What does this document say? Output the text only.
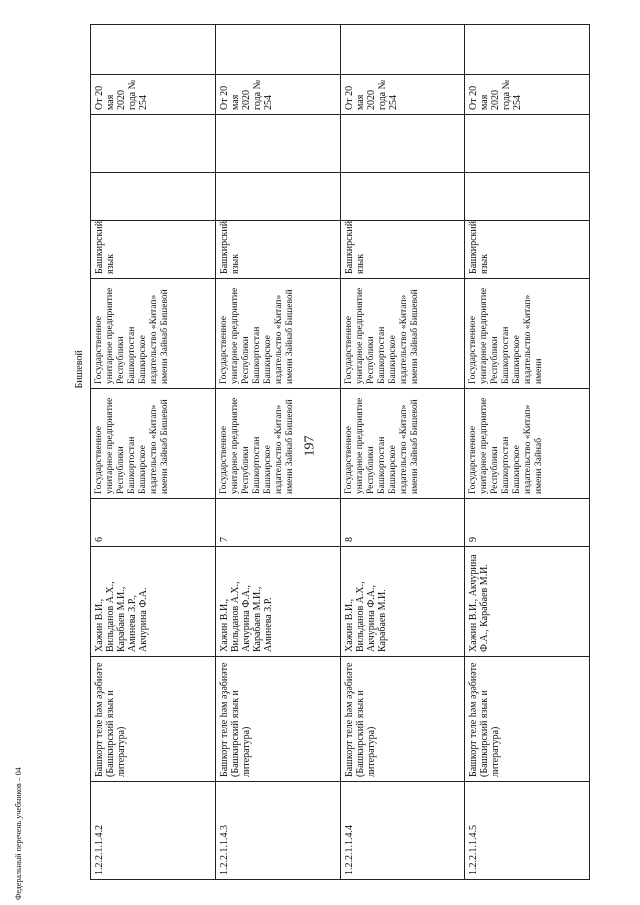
197
Федеральный перечень учебников – 04

					Бишевой					

1.2.2.1.1.4.2	Башкорт теле һәм әҙәбиәте (Башкирский язык и литература)	Хажин В.И., Вильданов А.Х., Карабаев М.И., Аминева З.Р., Акчурина Ф.А.	6	Государственное унитарное предприятие Республики Башкортостан Башкирское издательство «Китап» имени Зайнаб Бишевой	Государственное унитарное предприятие Республики Башкортостан Башкирское издательство «Китап» имени Зайнаб Бишевой	Башкирский язык			От 20 мая 2020 года № 254	
1.2.2.1.1.4.3	Башкорт теле һәм әҙәбиәте (Башкирский язык и литература)	Хажин В.И., Вильданов А.Х., Акчурина Ф.А., Карабаев М.И., Аминева З.Р.	7	Государственное унитарное предприятие Республики Башкортостан Башкирское издательство «Китап» имени Зайнаб Бишевой	Государственное унитарное предприятие Республики Башкортостан Башкирское издательство «Китап» имени Зайнаб Бишевой	Башкирский язык			От 20 мая 2020 года № 254	
1.2.2.1.1.4.4	Башкорт теле һәм әҙәбиәте (Башкирский язык и литература)	Хажин В.И., Вильданов А.Х., Акчурина Ф.А., Карабаев М.И.	8	Государственное унитарное предприятие Республики Башкортостан Башкирское издательство «Китап» имени Зайнаб Бишевой	Государственное унитарное предприятие Республики Башкортостан Башкирское издательство «Китап» имени Зайнаб Бишевой	Башкирский язык			От 20 мая 2020 года № 254	
1.2.2.1.1.4.5	Башкорт теле һәм әҙәбиәте (Башкирский язык и литература)	Хажин В.И., Акчурина Ф.А., Карабаев М.И.	9	Государственное унитарное предприятие Республики Башкортостан Башкирское издательство «Китап» имени Зайнаб	Государственное унитарное предприятие Республики Башкортостан Башкирское издательство «Китап» имени	Башкирский язык			От 20 мая 2020 года № 254	
